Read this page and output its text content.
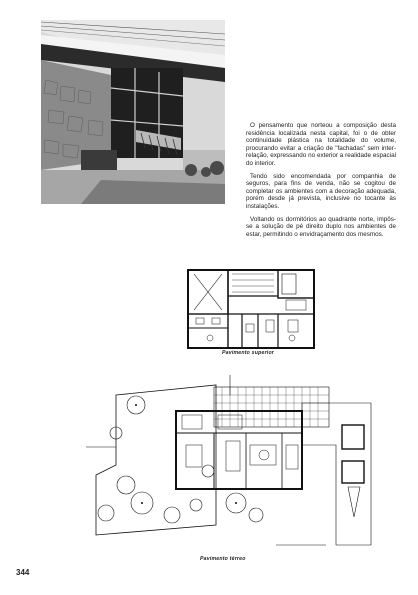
O pensamento que norteou a composição desta residência localizada nesta capital, foi o de obter continuidade plástica na totalidade do volume, procurando evitar a criação de "fachadas" sem inter-relação, expressando no exterior a realidade espacial do interior.

Tendo sido encomendada por companhia de seguros, para fins de venda, não se cogitou de completar os ambientes com a decoração adequada, porém desde já prevista, inclusive no tocante às instalações.

Voltando os dormitórios ao quadrante norte, impôs-se a solução de pé direito duplo nos ambientes de estar, permitindo o envidraçamento dos mesmos.

Pavimento superior
Pavimento térreo
344
